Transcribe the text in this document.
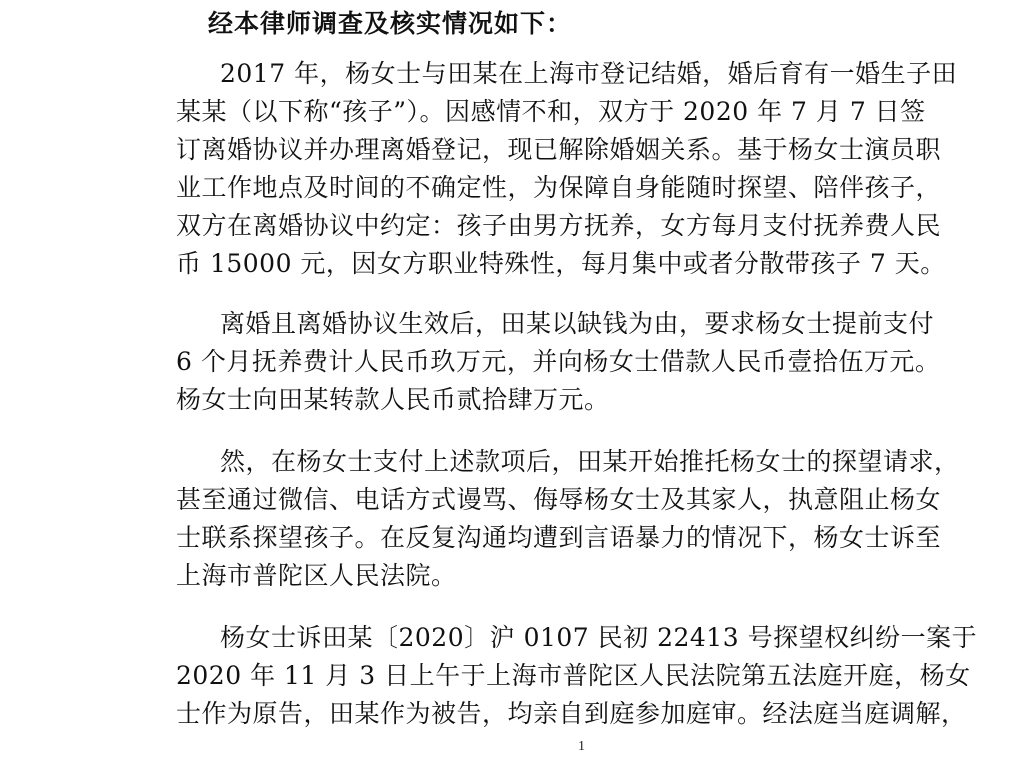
经本律师调查及核实情况如下：
2017 年，杨女士与田某在上海市登记结婚，婚后育有一婚生子田
某某（以下称“孩子”）。因感情不和，双方于 2020 年 7 月 7 日签
订离婚协议并办理离婚登记，现已解除婚姻关系。基于杨女士演员职
业工作地点及时间的不确定性，为保障自身能随时探望、陪伴孩子，
双方在离婚协议中约定：孩子由男方抚养，女方每月支付抚养费人民
币 15000 元，因女方职业特殊性，每月集中或者分散带孩子 7 天。
离婚且离婚协议生效后，田某以缺钱为由，要求杨女士提前支付
6 个月抚养费计人民币玖万元，并向杨女士借款人民币壹拾伍万元。
杨女士向田某转款人民币贰拾肆万元。
然，在杨女士支付上述款项后，田某开始推托杨女士的探望请求，
甚至通过微信、电话方式谩骂、侮辱杨女士及其家人，执意阻止杨女
士联系探望孩子。在反复沟通均遭到言语暴力的情况下，杨女士诉至
上海市普陀区人民法院。
杨女士诉田某〔2020〕沪 0107 民初 22413 号探望权纠纷一案于
2020 年 11 月 3 日上午于上海市普陀区人民法院第五法庭开庭，杨女
士作为原告，田某作为被告，均亲自到庭参加庭审。经法庭当庭调解，
1
